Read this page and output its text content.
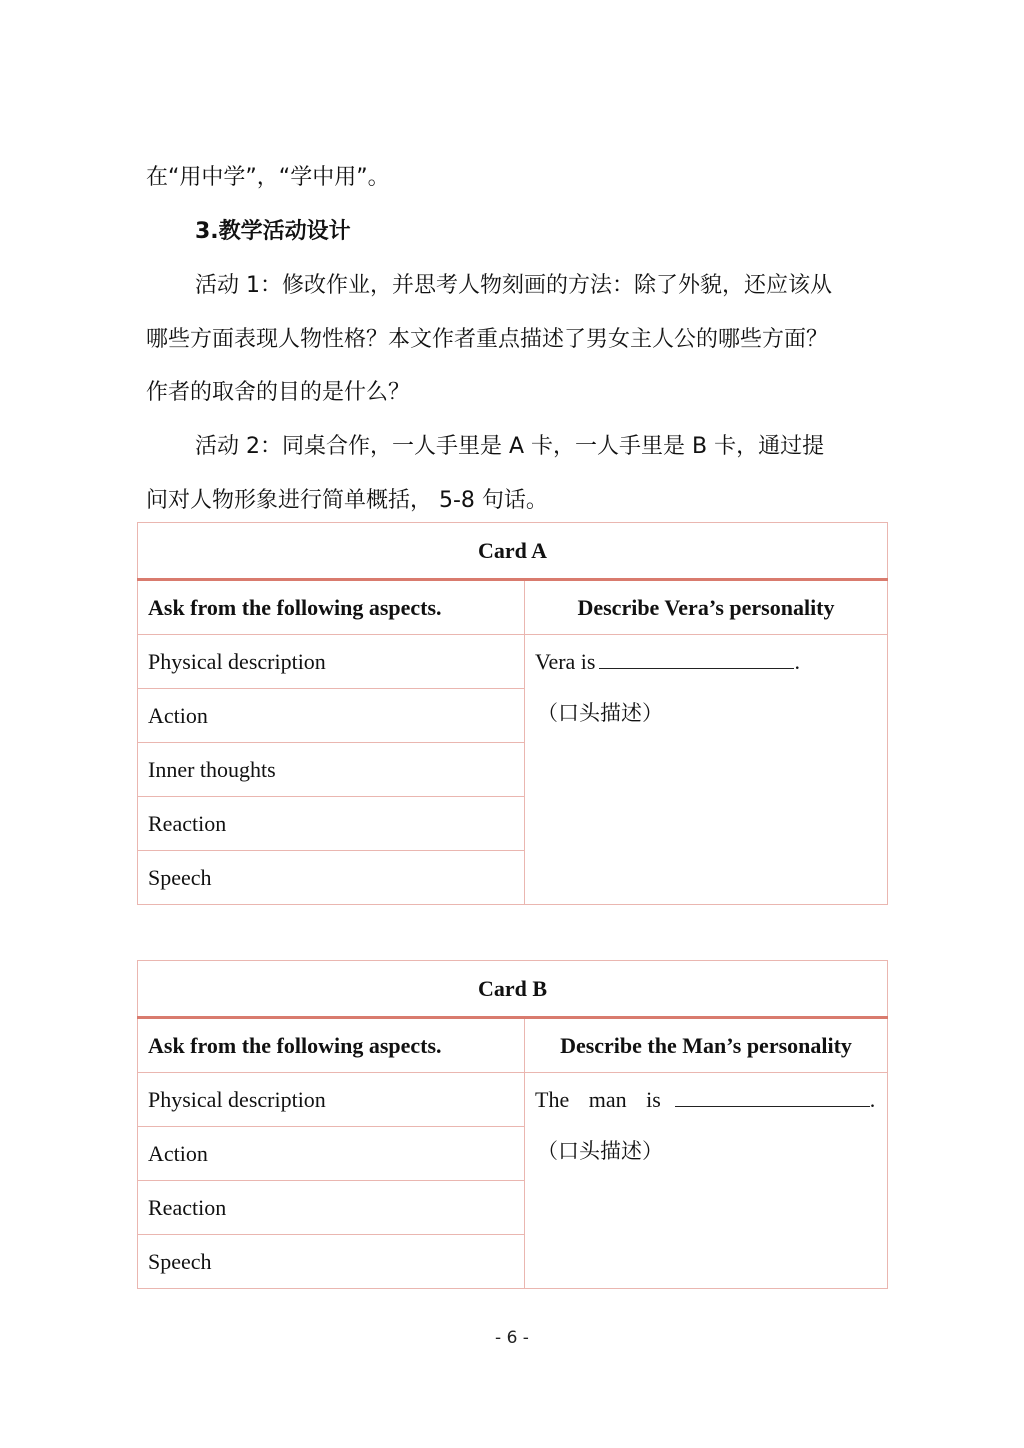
在“用中学”，“学中用”。
3.教学活动设计
活动 1：修改作业，并思考人物刻画的方法：除了外貌，还应该从
哪些方面表现人物性格？本文作者重点描述了男女主人公的哪些方面？
作者的取舍的目的是什么？
活动 2：同桌合作，一人手里是 A 卡，一人手里是 B 卡，通过提
问对人物形象进行简单概括， 5-8 句话。
Card A	
Ask from the following aspects.	Describe Vera’s personality
Physical description	Vera is .
（口头描述）

Action	
Inner thoughts	
Reaction	
Speech	
Card B	
Ask from the following aspects.	Describe the Man’s personality
Physical description	The man is .
（口头描述）

Action	
Reaction	
Speech	
- 6 -
